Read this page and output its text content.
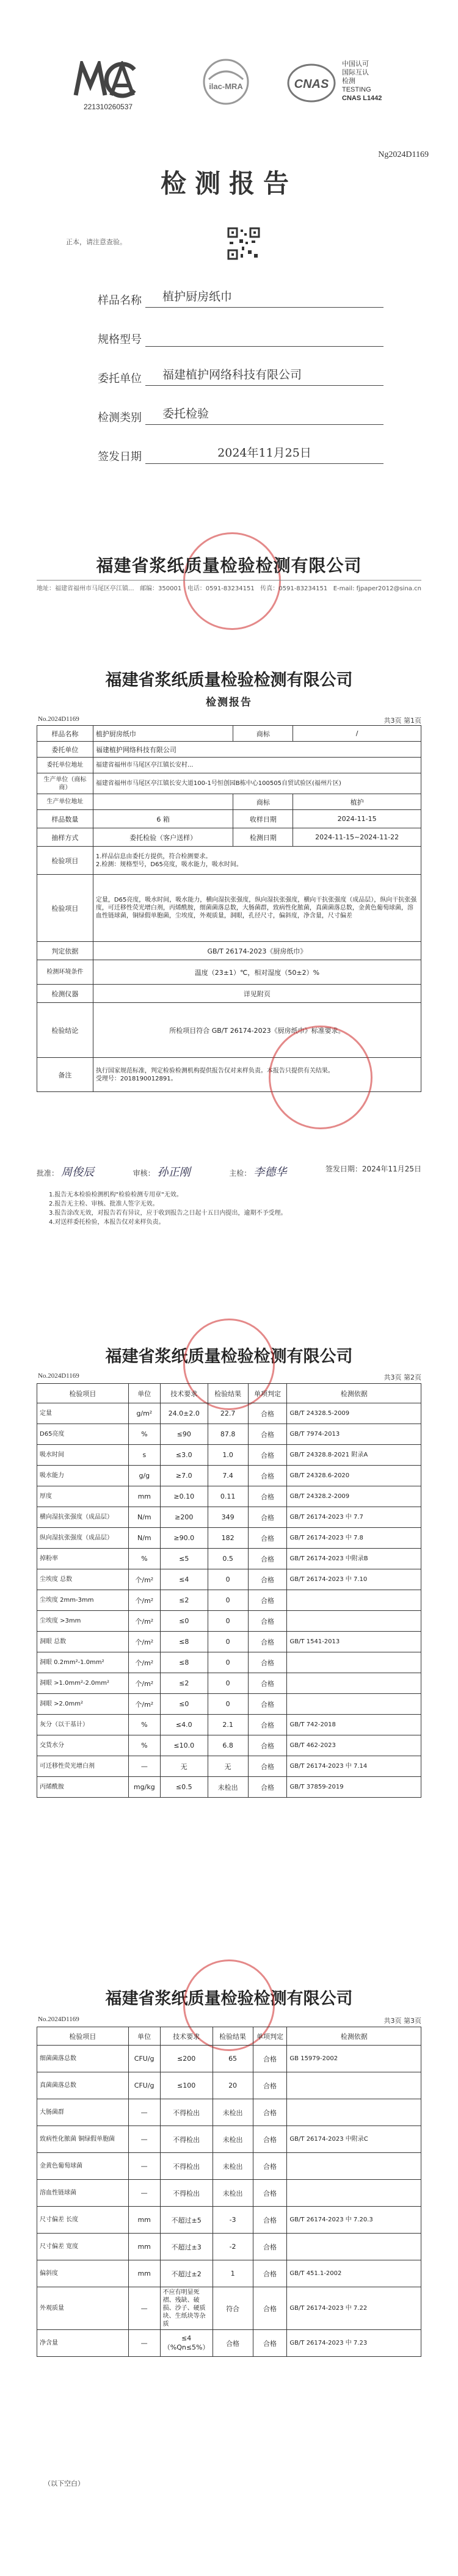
221310260537
ilac-MRA	CNAS
中国认可
国际互认
检测
TESTING
CNAS L1442
Ng2024D1169
检测报告
正本，请注意查验。
样品名称	植护厨房纸巾
规格型号
委托单位	福建植护网络科技有限公司
检测类别	委托检验
签发日期	2024年11月25日
福建省浆纸质量检验检测有限公司
地址：福建省福州市马尾区亭江镇... 邮编：350001 电话：0591-83234151 传真：0591-83234151 E-mail: fjpaper2012@sina.cn
福建省浆纸质量检验检测有限公司
检测报告
No.2024D1169	共3页 第1页
样品名称	植护厨房纸巾	商标	/
委托单位	福建植护网络科技有限公司		
委托单位地址	福建省福州市马尾区亭江镇长安村...		
生产单位（商标商）	福建省福州市马尾区亭江镇长安大道100-1号恒创园B栋中心100505自贸试验区(福州片区)		
生产单位地址		商标	植护
样品数量	6 箱	收样日期	2024-11-15
抽样方式	委托检验（客户送样）	检测日期	2024-11-15~2024-11-22
检验项目	1.样品信息由委托方提供，符合检测要求。
2.检测：规格型号，D65亮度，吸水能力，吸水时间。		
检验项目	定量，D65亮度，吸水时间，吸水能力，横向湿抗张强度，纵向湿抗张强度，横向干抗张强度（成品层），纵向干抗张强度，可迁移性荧光增白剂，丙烯酰胺，细菌菌落总数，大肠菌群，致病性化脓菌，真菌菌落总数，金黄色葡萄球菌，溶血性链球菌，铜绿假单胞菌，尘埃度，外观质量，洞眼，孔径尺寸，偏斜度，净含量，尺寸偏差		
判定依据	GB/T 26174-2023《厨房纸巾》		
检测环境条件	温度（23±1）℃，相对湿度（50±2）%		
检测仪器	详见附页		
检验结论	所检项目符合 GB/T 26174-2023《厨房纸巾》标准要求。		
备注	执行国家规范标准，判定检验检测机构提供报告仅对来样负责。本报告只提供有关结果。
受理号：2018190012891。		
批准： 周俊辰	审核： 孙正刚	主检： 李德华	签发日期：2024年11月25日
1.报告无本检验检测机构"检验检测专用章"无效。
2.报告无主检、审核、批准人签字无效。
3.报告涂改无效，对报告若有异议，应于收到报告之日起十五日内提出，逾期不予受理。
4.对送样委托检验，本报告仅对来样负责。
福建省浆纸质量检验检测有限公司
No.2024D1169	共3页 第2页
检验项目	单位	技术要求	检验结果	单项判定	检测依据
定量	g/m²	24.0±2.0	22.7	合格	GB/T 24328.5-2009
D65亮度	%	≤90	87.8	合格	GB/T 7974-2013
吸水时间	s	≤3.0	1.0	合格	GB/T 24328.8-2021 附录A
吸水能力	g/g	≥7.0	7.4	合格	GB/T 24328.6-2020
厚度	mm	≥0.10	0.11	合格	GB/T 24328.2-2009
横向湿抗张强度（成品层）	N/m	≥200	349	合格	GB/T 26174-2023 中 7.7
纵向湿抗张强度（成品层）	N/m	≥90.0	182	合格	GB/T 26174-2023 中 7.8
掉粉率	%	≤5	0.5	合格	GB/T 26174-2023 中附录B
尘埃度 总数	个/m²	≤4	0	合格	GB/T 26174-2023 中 7.10
尘埃度 2mm-3mm	个/m²	≤2	0	合格	
尘埃度 >3mm	个/m²	≤0	0	合格	
洞眼 总数	个/m²	≤8	0	合格	GB/T 1541-2013
洞眼 0.2mm²-1.0mm²	个/m²	≤8	0	合格	
洞眼 >1.0mm²-2.0mm²	个/m²	≤2	0	合格	
洞眼 >2.0mm²	个/m²	≤0	0	合格	
灰分（以干基计）	%	≤4.0	2.1	合格	GB/T 742-2018
交货水分	%	≤10.0	6.8	合格	GB/T 462-2023
可迁移性荧光增白剂	—	无	无	合格	GB/T 26174-2023 中 7.14
丙烯酰胺	mg/kg	≤0.5	未检出	合格	GB/T 37859-2019
福建省浆纸质量检验检测有限公司
No.2024D1169	共3页 第3页
检验项目	单位	技术要求	检验结果	单项判定	检测依据
细菌菌落总数	CFU/g	≤200	65	合格	GB 15979-2002
真菌菌落总数	CFU/g	≤100	20	合格	
大肠菌群	—	不得检出	未检出	合格	
致病性化脓菌 铜绿假单胞菌	—	不得检出	未检出	合格	GB/T 26174-2023 中附录C
金黄色葡萄球菌	—	不得检出	未检出	合格	
溶血性链球菌	—	不得检出	未检出	合格	
尺寸偏差 长度	mm	不超过±5	-3	合格	GB/T 26174-2023 中 7.20.3
尺寸偏差 宽度	mm	不超过±3	-2	合格	
偏斜度	mm	不超过±2	1	合格	GB/T 451.1-2002
外观质量	—	不应有明显死褶、残缺、破损、沙子、硬质块、生纸块等杂质	符合	合格	GB/T 26174-2023 中 7.22
净含量	—	≤4（%Qn≤5%）	合格	合格	GB/T 26174-2023 中 7.23
（以下空白）
